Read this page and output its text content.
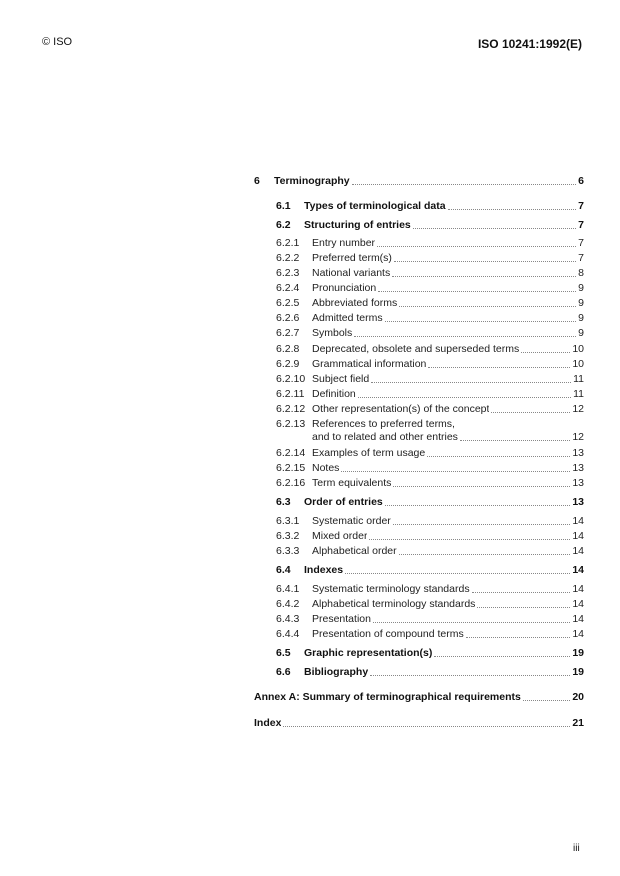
© ISO	ISO 10241:1992(E)
6	Terminography	6
6.1	Types of terminological data	7
6.2	Structuring of entries	7
6.2.1	Entry number	7
6.2.2	Preferred term(s)	7
6.2.3	National variants	8
6.2.4	Pronunciation	9
6.2.5	Abbreviated forms	9
6.2.6	Admitted terms	9
6.2.7	Symbols	9
6.2.8	Deprecated, obsolete and superseded terms	10
6.2.9	Grammatical information	10
6.2.10 Subject field	11
6.2.11 Definition	11
6.2.12 Other representation(s) of the concept	12
6.2.13 References to preferred terms,
and to related and other entries	12
6.2.14 Examples of term usage	13
6.2.15 Notes	13
6.2.16 Term equivalents	13
6.3	Order of entries	13
6.3.1	Systematic order	14
6.3.2	Mixed order	14
6.3.3	Alphabetical order	14
6.4	Indexes	14
6.4.1	Systematic terminology standards	14
6.4.2	Alphabetical terminology standards	14
6.4.3	Presentation	14
6.4.4	Presentation of compound terms	14
6.5	Graphic representation(s)	19
6.6	Bibliography	19
Annex A: Summary of terminographical requirements	20
Index	21
iii
